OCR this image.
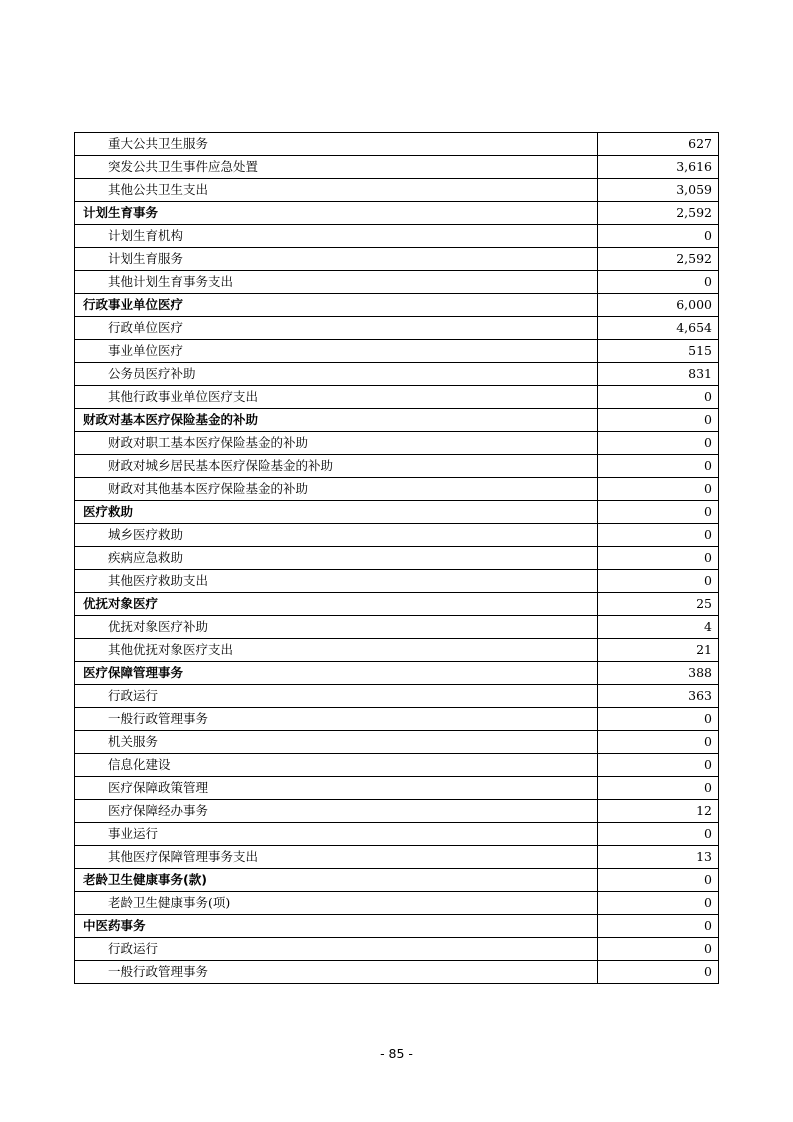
重大公共卫生服务	627
突发公共卫生事件应急处置	3,616
其他公共卫生支出	3,059
计划生育事务	2,592
计划生育机构	0
计划生育服务	2,592
其他计划生育事务支出	0
行政事业单位医疗	6,000
行政单位医疗	4,654
事业单位医疗	515
公务员医疗补助	831
其他行政事业单位医疗支出	0
财政对基本医疗保险基金的补助	0
财政对职工基本医疗保险基金的补助	0
财政对城乡居民基本医疗保险基金的补助	0
财政对其他基本医疗保险基金的补助	0
医疗救助	0
城乡医疗救助	0
疾病应急救助	0
其他医疗救助支出	0
优抚对象医疗	25
优抚对象医疗补助	4
其他优抚对象医疗支出	21
医疗保障管理事务	388
行政运行	363
一般行政管理事务	0
机关服务	0
信息化建设	0
医疗保障政策管理	0
医疗保障经办事务	12
事业运行	0
其他医疗保障管理事务支出	13
老龄卫生健康事务(款)	0
老龄卫生健康事务(项)	0
中医药事务	0
行政运行	0
一般行政管理事务	0
- 85 -
